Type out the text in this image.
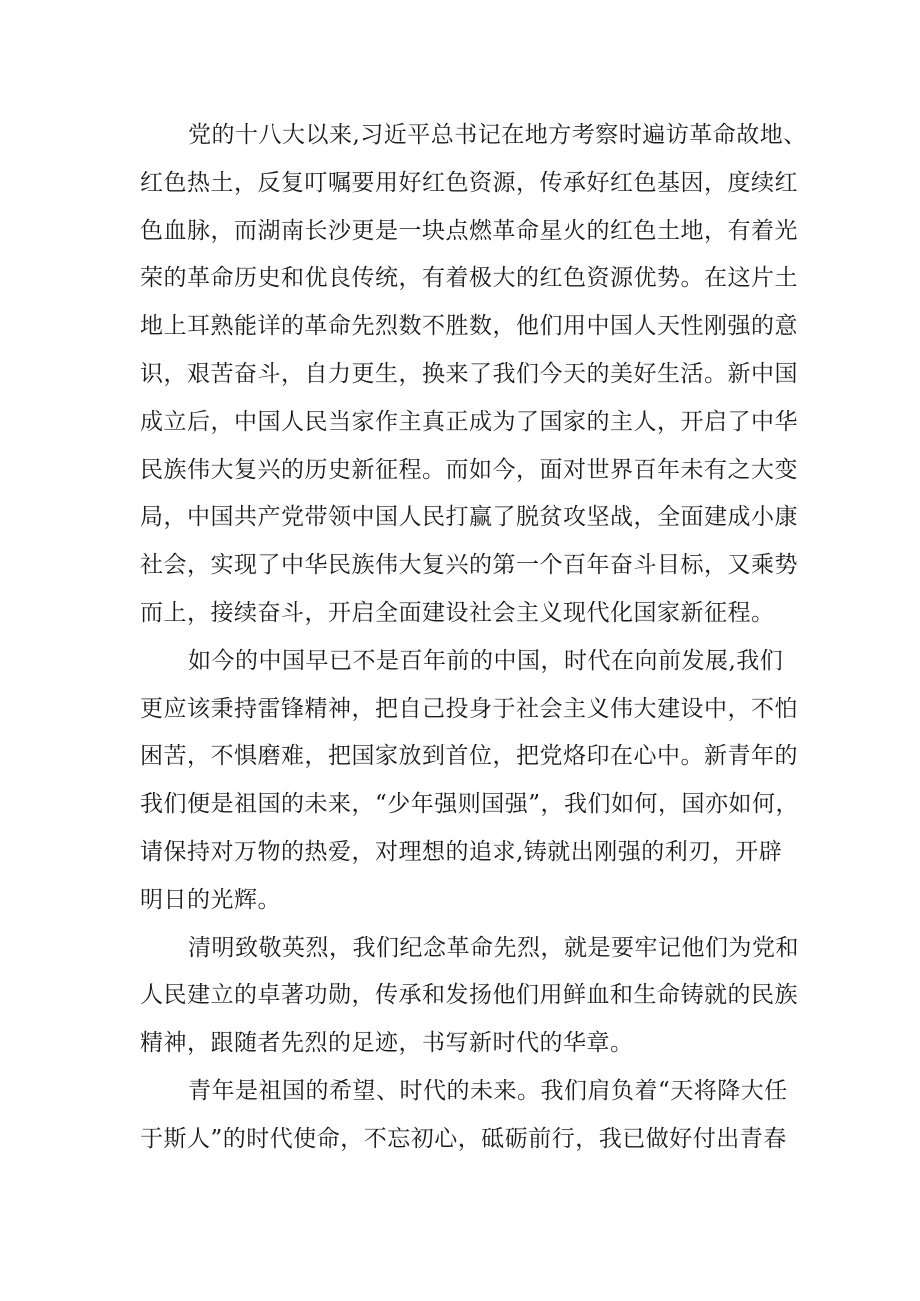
党的十八大以来,习近平总书记在地方考察时遍访革命故地、
红色热土，反复叮嘱要用好红色资源，传承好红色基因，度续红
色血脉，而湖南长沙更是一块点燃革命星火的红色土地，有着光
荣的革命历史和优良传统，有着极大的红色资源优势。在这片土
地上耳熟能详的革命先烈数不胜数，他们用中国人天性刚强的意
识，艰苦奋斗，自力更生，换来了我们今天的美好生活。新中国
成立后，中国人民当家作主真正成为了国家的主人，开启了中华
民族伟大复兴的历史新征程。而如今，面对世界百年未有之大变
局，中国共产党带领中国人民打赢了脱贫攻坚战，全面建成小康
社会，实现了中华民族伟大复兴的第一个百年奋斗目标，又乘势
而上，接续奋斗，开启全面建设社会主义现代化国家新征程。
如今的中国早已不是百年前的中国，时代在向前发展,我们
更应该秉持雷锋精神，把自己投身于社会主义伟大建设中，不怕
困苦，不惧磨难，把国家放到首位，把党烙印在心中。新青年的
我们便是祖国的未来，“少年强则国强”，我们如何，国亦如何，
请保持对万物的热爱，对理想的追求,铸就出刚强的利刃，开辟
明日的光辉。
清明致敬英烈，我们纪念革命先烈，就是要牢记他们为党和
人民建立的卓著功勋，传承和发扬他们用鲜血和生命铸就的民族
精神，跟随者先烈的足迹，书写新时代的华章。
青年是祖国的希望、时代的未来。我们肩负着“天将降大任
于斯人”的时代使命，不忘初心，砥砺前行，我已做好付出青春
